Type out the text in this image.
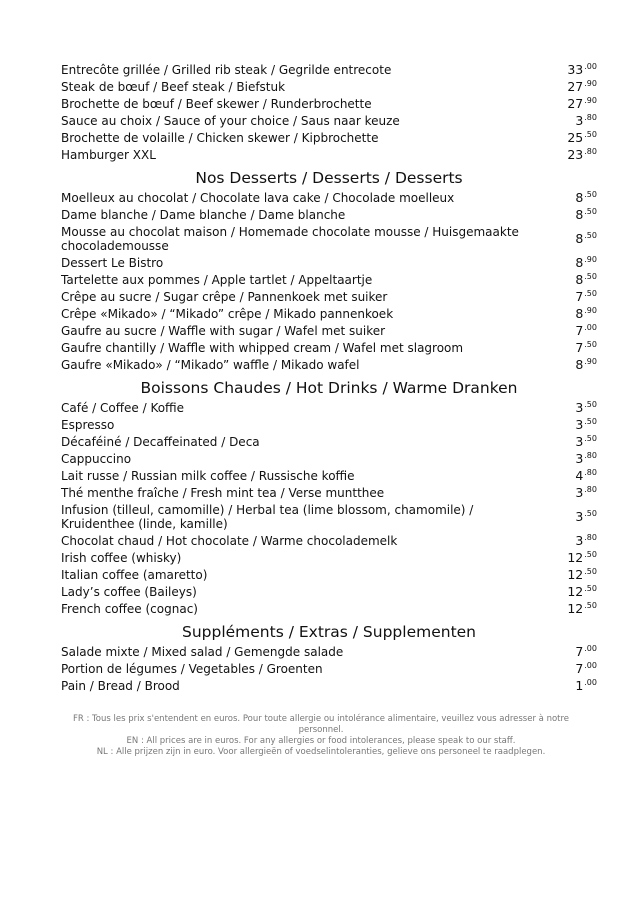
Entrecôte grillée / Grilled rib steak / Gegrilde entrecote	$33^{.00}$
Steak de bœuf / Beef steak / Biefstuk	$27^{.90}$
Brochette de bœuf / Beef skewer / Runderbrochette	$27^{.90}$
Sauce au choix / Sauce of your choice / Saus naar keuze	$3^{.80}$
Brochette de volaille / Chicken skewer / Kipbrochette	$25^{.50}$
Hamburger XXL	$23^{.80}$
Nos Desserts / Desserts / Desserts
Moelleux au chocolat / Chocolate lava cake / Chocolade moelleux	$8^{.50}$
Dame blanche / Dame blanche / Dame blanche	$8^{.50}$
Mousse au chocolat maison / Homemade chocolate mousse / Huisgemaakte chocolademousse	$8^{.50}$
Dessert Le Bistro	$8^{.90}$
Tartelette aux pommes / Apple tartlet / Appeltaartje	$8^{.50}$
Crêpe au sucre / Sugar crêpe / Pannenkoek met suiker	$7^{.50}$
Crêpe «Mikado» / “Mikado” crêpe / Mikado pannenkoek	$8^{.90}$
Gaufre au sucre / Waffle with sugar / Wafel met suiker	$7^{.00}$
Gaufre chantilly / Waffle with whipped cream / Wafel met slagroom	$7^{.50}$
Gaufre «Mikado» / “Mikado” waffle / Mikado wafel	$8^{.90}$
Boissons Chaudes / Hot Drinks / Warme Dranken
Café / Coffee / Koffie	$3^{.50}$
Espresso	$3^{.50}$
Décaféiné / Decaffeinated / Deca	$3^{.50}$
Cappuccino	$3^{.80}$
Lait russe / Russian milk coffee / Russische koffie	$4^{.80}$
Thé menthe fraîche / Fresh mint tea / Verse muntthee	$3^{.80}$
Infusion (tilleul, camomille) / Herbal tea (lime blossom, chamomile) / Kruidenthee (linde, kamille)	$3^{.50}$
Chocolat chaud / Hot chocolate / Warme chocolademelk	$3^{.80}$
Irish coffee (whisky)	$12^{.50}$
Italian coffee (amaretto)	$12^{.50}$
Lady’s coffee (Baileys)	$12^{.50}$
French coffee (cognac)	$12^{.50}$
Suppléments / Extras / Supplementen
Salade mixte / Mixed salad / Gemengde salade	$7^{.00}$
Portion de légumes / Vegetables / Groenten	$7^{.00}$
Pain / Bread / Brood	$1^{.00}$
FR : Tous les prix s'entendent en euros. Pour toute allergie ou intolérance alimentaire, veuillez vous adresser à notre personnel.
EN : All prices are in euros. For any allergies or food intolerances, please speak to our staff.
NL : Alle prijzen zijn in euro. Voor allergieën of voedselintoleranties, gelieve ons personeel te raadplegen.
